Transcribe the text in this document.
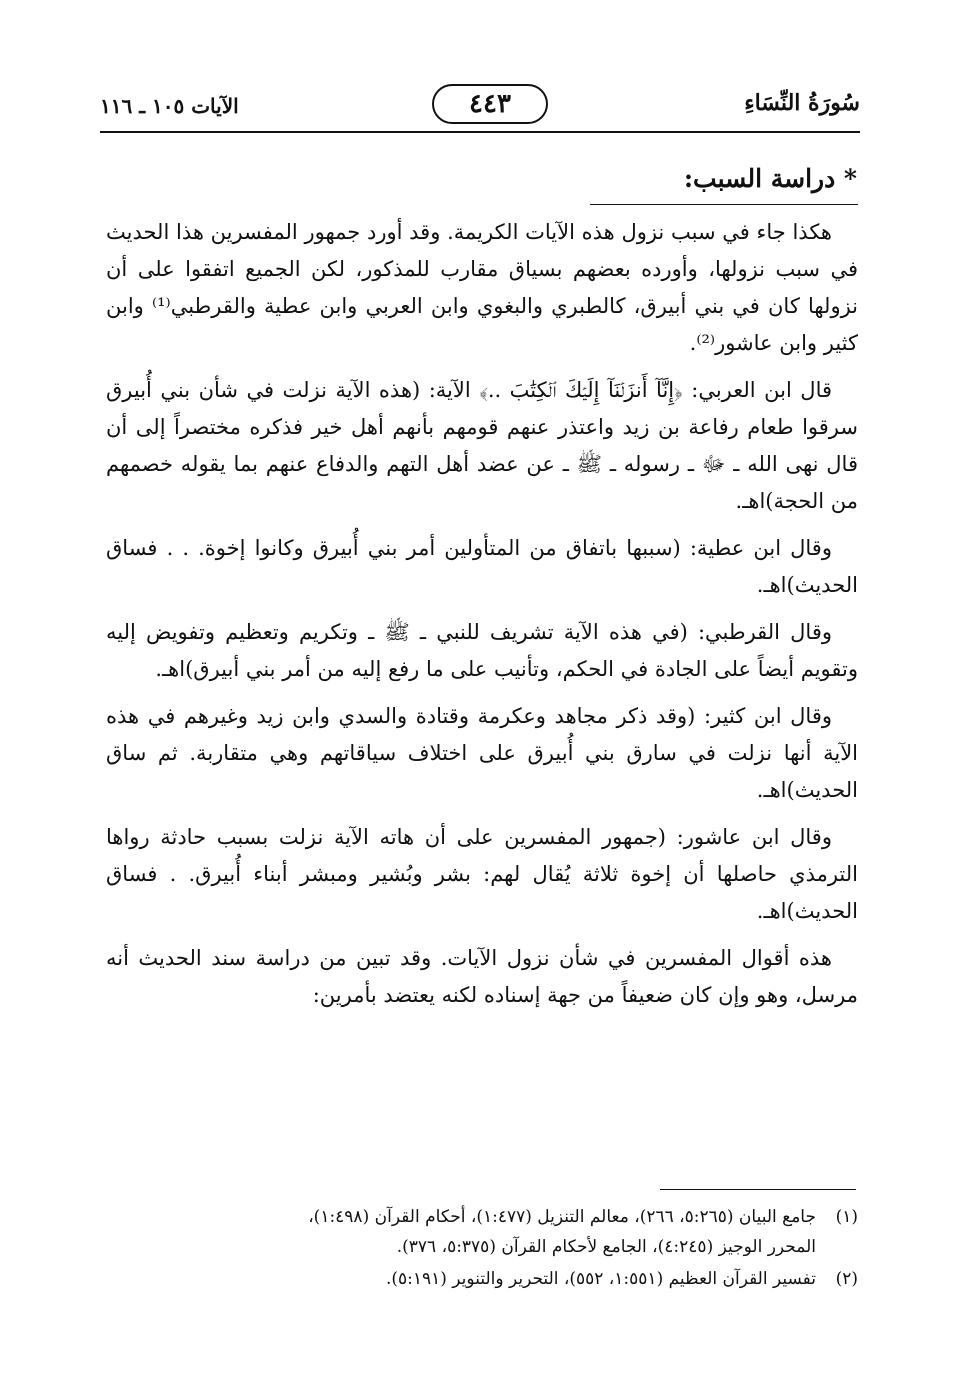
سُورَةُ النِّسَاءِ
٤٤٣
الآيات ١٠٥ ـ ١١٦
* دراسة السبب:

هكذا جاء في سبب نزول هذه الآيات الكريمة. وقد أورد جمهور المفسرين هذا الحديث في سبب نزولها، وأورده بعضهم بسياق مقارب للمذكور، لكن الجميع اتفقوا على أن نزولها كان في بني أبيرق، كالطبري والبغوي وابن العربي وابن عطية والقرطبي⁽¹⁾ وابن كثير وابن عاشور⁽²⁾.

قال ابن العربي: ﴿إِنَّآ أَنزَلۡنَآ إِلَيۡكَ ٱلۡكِتَٰبَ ..﴾ الآية: (هذه الآية نزلت في شأن بني أُبيرق سرقوا طعام رفاعة بن زيد واعتذر عنهم قومهم بأنهم أهل خير فذكره مختصراً إلى أن قال نهى الله ـ ﷻ ـ رسوله ـ ﷺ ـ عن عضد أهل التهم والدفاع عنهم بما يقوله خصمهم من الحجة)اهـ.

وقال ابن عطية: (سببها باتفاق من المتأولين أمر بني أُبيرق وكانوا إخوة. . . فساق الحديث)اهـ.

وقال القرطبي: (في هذه الآية تشريف للنبي ـ ﷺ ـ وتكريم وتعظيم وتفويض إليه وتقويم أيضاً على الجادة في الحكم، وتأنيب على ما رفع إليه من أمر بني أبيرق)اهـ.

وقال ابن كثير: (وقد ذكر مجاهد وعكرمة وقتادة والسدي وابن زيد وغيرهم في هذه الآية أنها نزلت في سارق بني أُبيرق على اختلاف سياقاتهم وهي متقاربة. ثم ساق الحديث)اهـ.

وقال ابن عاشور: (جمهور المفسرين على أن هاته الآية نزلت بسبب حادثة رواها الترمذي حاصلها أن إخوة ثلاثة يُقال لهم: بشر وبُشير ومبشر أبناء أُبيرق. . فساق الحديث)اهـ.

هذه أقوال المفسرين في شأن نزول الآيات. وقد تبين من دراسة سند الحديث أنه مرسل، وهو وإن كان ضعيفاً من جهة إسناده لكنه يعتضد بأمرين:

(١)
جامع البيان (٥:٢٦٥، ٢٦٦)، معالم التنزيل (١:٤٧٧)، أحكام القرآن (١:٤٩٨)،
المحرر الوجيز (٤:٢٤٥)، الجامع لأحكام القرآن (٥:٣٧٥، ٣٧٦).
(٢)
تفسير القرآن العظيم (١:٥٥١، ٥٥٢)، التحرير والتنوير (٥:١٩١).
